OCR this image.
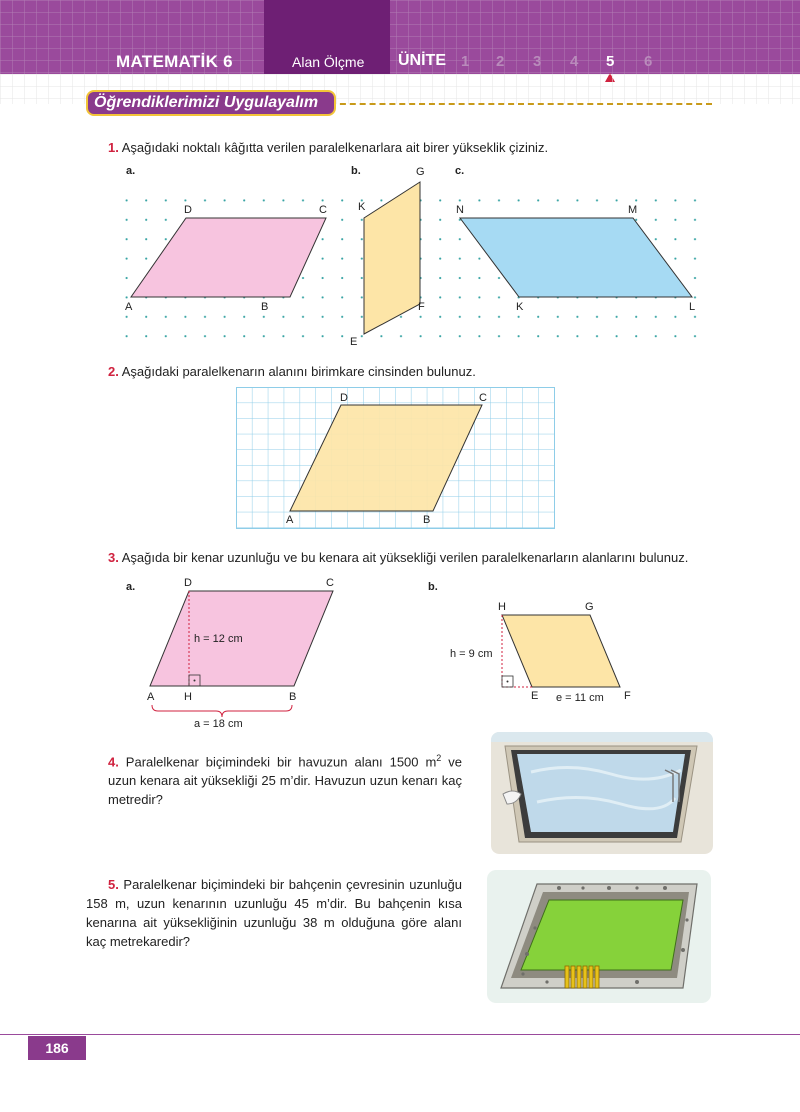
MATEMATİK 6	Alan Ölçme ÜNİTE 1 2 3 4 5 6
Öğrendiklerimizi Uygulayalım
1. Aşağıdaki noktalı kâğıtta verilen paralelkenarlara ait birer yükseklik çiziniz.
a.	b.	c.
A	B
C
D
E
F
G
K
K	L
M
N
2. Aşağıdaki paralelkenarın alanını birimkare cinsinden bulunuz.
A	B
C
D
3. Aşağıda bir kenar uzunluğu ve bu kenara ait yüksekliği verilen paralelkenarların alanlarını bulunuz.
a.	b.
D	C
h = 12 cm
A	H	B
a = 18 cm
H	G
h = 9 cm
E e = 11 cm F
4. Paralelkenar biçimindeki bir havuzun alanı 1500 $m^2$ ve uzun kenara ait yüksekliği 25 m’dir. Havuzun uzun kenarı kaç metredir?
5. Paralelkenar biçimindeki bir bahçenin çevresinin uzunluğu 158 m, uzun kenarının uzunluğu 45 m’dir. Bu bahçenin kısa kenarına ait yüksekliğinin uzunluğu 38 m olduğuna göre alanı kaç metrekaredir?
186
